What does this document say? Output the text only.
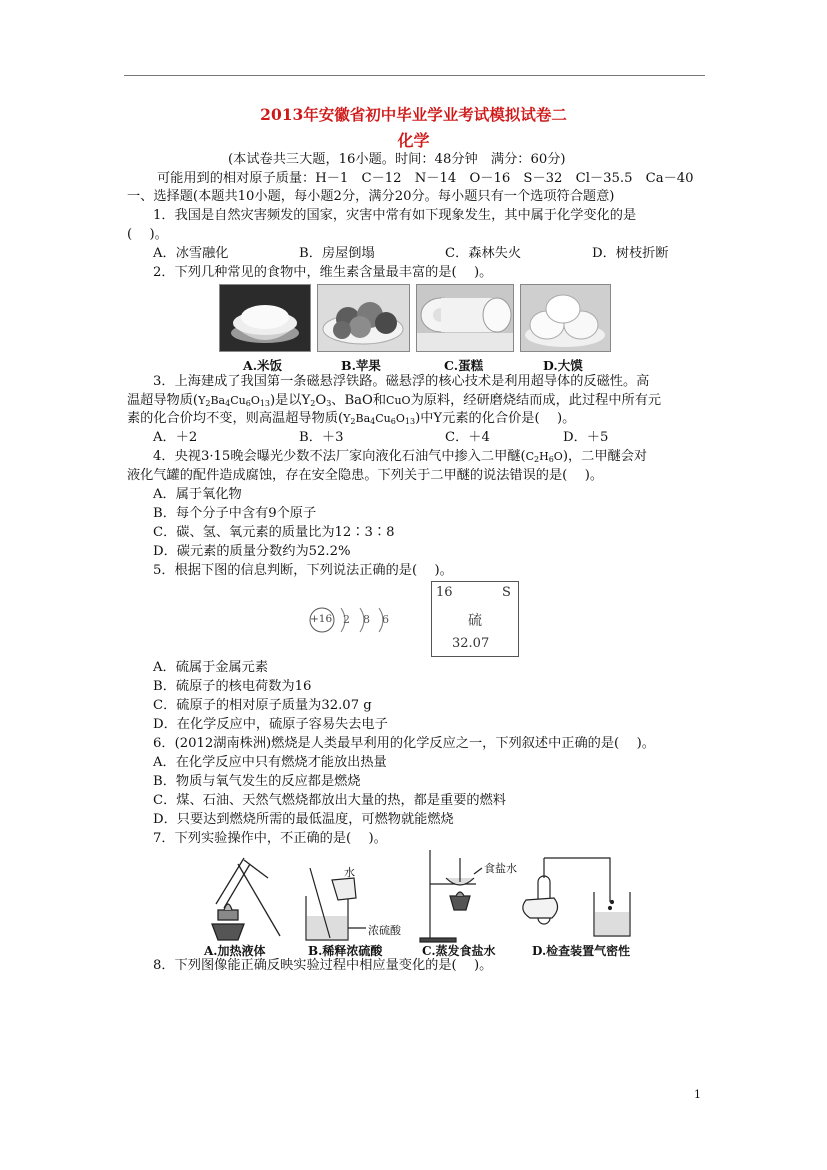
2013年安徽省初中毕业学业考试模拟试卷二
化学
(本试卷共三大题，16小题。时间：48分钟　满分：60分)
可能用到的相对原子质量：H－1　C－12　N－14　O－16　S－32　Cl－35.5　Ca－40
一、选择题(本题共10小题，每小题2分，满分20分。每小题只有一个选项符合题意)
1．我国是自然灾害频发的国家，灾害中常有如下现象发生，其中属于化学变化的是
(　 )。
A．冰雪融化	B．房屋倒塌	C．森林失火	D．树枝折断
2．下列几种常见的食物中，维生素含量最丰富的是(　 )。
A.米饭	B.苹果	C.蛋糕	D.大馍
3．上海建成了我国第一条磁悬浮铁路。磁悬浮的核心技术是利用超导体的反磁性。高
温超导物质$(Y_2Ba_4Cu_6O_{13})$是以$Y_2O_3$、BaO和CuO为原料，经研磨烧结而成，此过程中所有元
素的化合价均不变，则高温超导物质$(Y_2Ba_4Cu_6O_{13})$中Y元素的化合价是(　 )。
A．＋2	B．＋3	C．＋4	D．＋5
4．央视3·15晚会曝光少数不法厂家向液化石油气中掺入二甲醚$(C_2H_6O)$，二甲醚会对
液化气罐的配件造成腐蚀，存在安全隐患。下列关于二甲醚的说法错误的是(　 )。
A．属于氧化物
B．每个分子中含有9个原子
C．碳、氢、氧元素的质量比为12∶3∶8
D．碳元素的质量分数约为52.2%
5．根据下图的信息判断，下列说法正确的是(　 )。
+16 2 8 6
16	S
硫
32.07
A．硫属于金属元素
B．硫原子的核电荷数为16
C．硫原子的相对原子质量为32.07 g
D．在化学反应中，硫原子容易失去电子
6．(2012湖南株洲)燃烧是人类最早利用的化学反应之一，下列叙述中正确的是(　 )。
A．在化学反应中只有燃烧才能放出热量
B．物质与氧气发生的反应都是燃烧
C．煤、石油、天然气燃烧都放出大量的热，都是重要的燃料
D．只要达到燃烧所需的最低温度，可燃物就能燃烧
7．下列实验操作中，不正确的是(　 )。
水
浓硫酸
食盐水
A.加热液体	B.稀释浓硫酸	C.蒸发食盐水	D.检查装置气密性
8．下列图像能正确反映实验过程中相应量变化的是(　 )。
1
